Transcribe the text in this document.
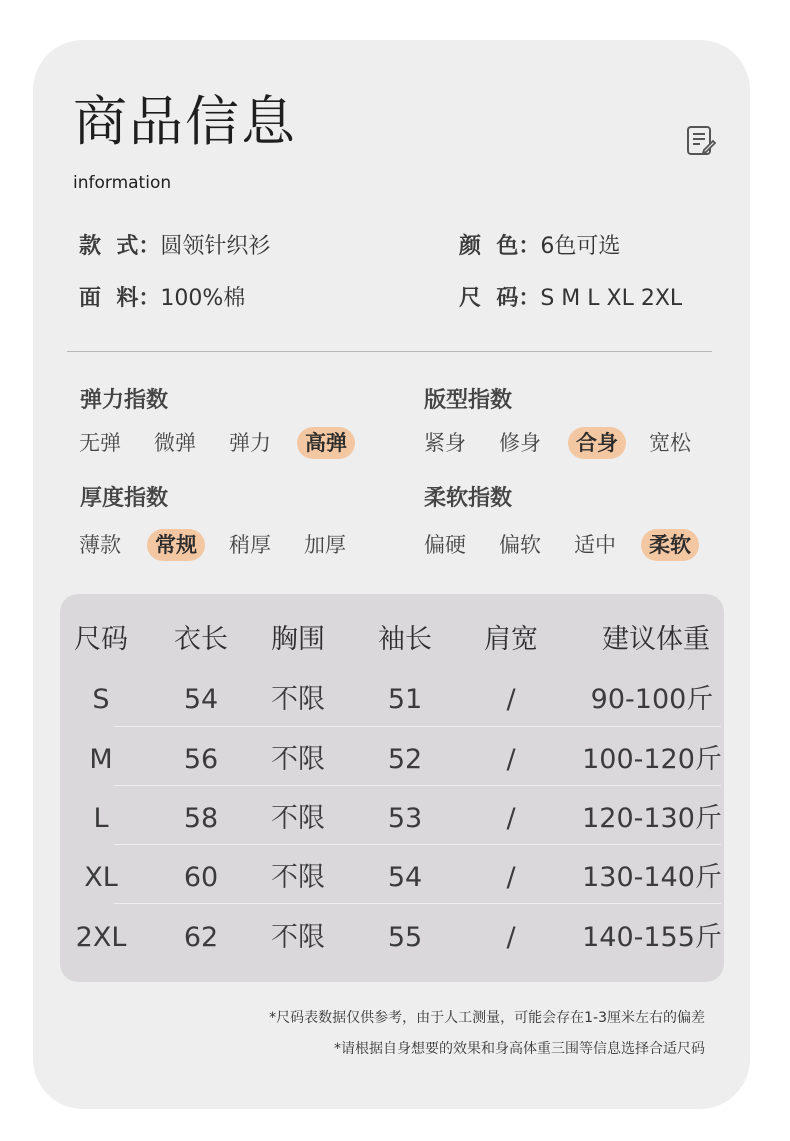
商品信息
information
款  式：圆领针织衫	颜  色：6色可选
面  料：100%棉	尺  码：S M L XL 2XL
弹力指数
无弹 微弹 弹力	高弹
版型指数
紧身 修身	合身	宽松
厚度指数
薄款	常规	稍厚 加厚
柔软指数
偏硬 偏软 适中	柔软
尺码	衣长	胸围	袖长	肩宽	建议体重
S	54	不限	51	/	90-100斤
M	56	不限	52	/	100-120斤
L	58	不限	53	/	120-130斤
XL	60	不限	54	/	130-140斤
2XL	62	不限	55	/	140-155斤
*尺码表数据仅供参考，由于人工测量，可能会存在1-3厘米左右的偏差
*请根据自身想要的效果和身高体重三围等信息选择合适尺码
